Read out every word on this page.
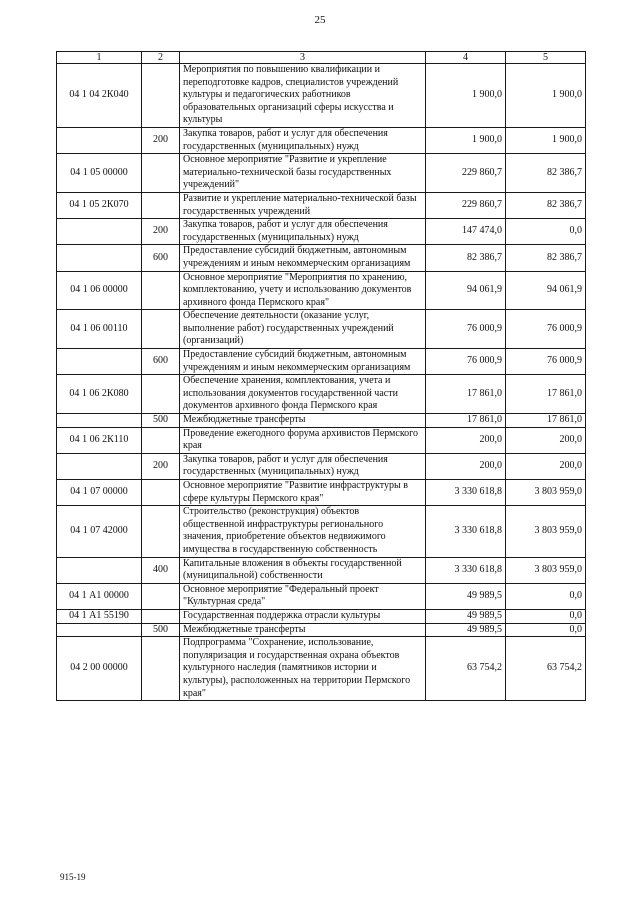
25
1	2	3	4	5
04 1 04 2К040		Мероприятия по повышению квалификации и переподготовке кадров, специалистов учреждений культуры и педагогических работников образовательных организаций сферы искусства и культуры	1 900,0	1 900,0
	200	Закупка товаров, работ и услуг для обеспечения государственных (муниципальных) нужд	1 900,0	1 900,0
04 1 05 00000		Основное мероприятие "Развитие и укрепление материально-технической базы государственных учреждений"	229 860,7	82 386,7
04 1 05 2К070		Развитие и укрепление материально-технической базы государственных учреждений	229 860,7	82 386,7
	200	Закупка товаров, работ и услуг для обеспечения государственных (муниципальных) нужд	147 474,0	0,0
	600	Предоставление субсидий бюджетным, автономным учреждениям и иным некоммерческим организациям	82 386,7	82 386,7
04 1 06 00000		Основное мероприятие "Мероприятия по хранению, комплектованию, учету и использованию документов архивного фонда Пермского края"	94 061,9	94 061,9
04 1 06 00110		Обеспечение деятельности (оказание услуг, выполнение работ) государственных учреждений (организаций)	76 000,9	76 000,9
	600	Предоставление субсидий бюджетным, автономным учреждениям и иным некоммерческим организациям	76 000,9	76 000,9
04 1 06 2К080		Обеспечение хранения, комплектования, учета и использования документов государственной части документов архивного фонда Пермского края	17 861,0	17 861,0
	500	Межбюджетные трансферты	17 861,0	17 861,0
04 1 06 2К110		Проведение ежегодного форума архивистов Пермского края	200,0	200,0
	200	Закупка товаров, работ и услуг для обеспечения государственных (муниципальных) нужд	200,0	200,0
04 1 07 00000		Основное мероприятие "Развитие инфраструктуры в сфере культуры Пермского края"	3 330 618,8	3 803 959,0
04 1 07 42000		Строительство (реконструкция) объектов общественной инфраструктуры регионального значения, приобретение объектов недвижимого имущества в государственную собственность	3 330 618,8	3 803 959,0
	400	Капитальные вложения в объекты государственной (муниципальной) собственности	3 330 618,8	3 803 959,0
04 1 А1 00000		Основное мероприятие "Федеральный проект "Культурная среда"	49 989,5	0,0
04 1 А1 55190		Государственная поддержка отрасли культуры	49 989,5	0,0
	500	Межбюджетные трансферты	49 989,5	0,0
04 2 00 00000		Подпрограмма "Сохранение, использование, популяризация и государственная охрана объектов культурного наследия (памятников истории и культуры), расположенных на территории Пермского края"	63 754,2	63 754,2
915-19
